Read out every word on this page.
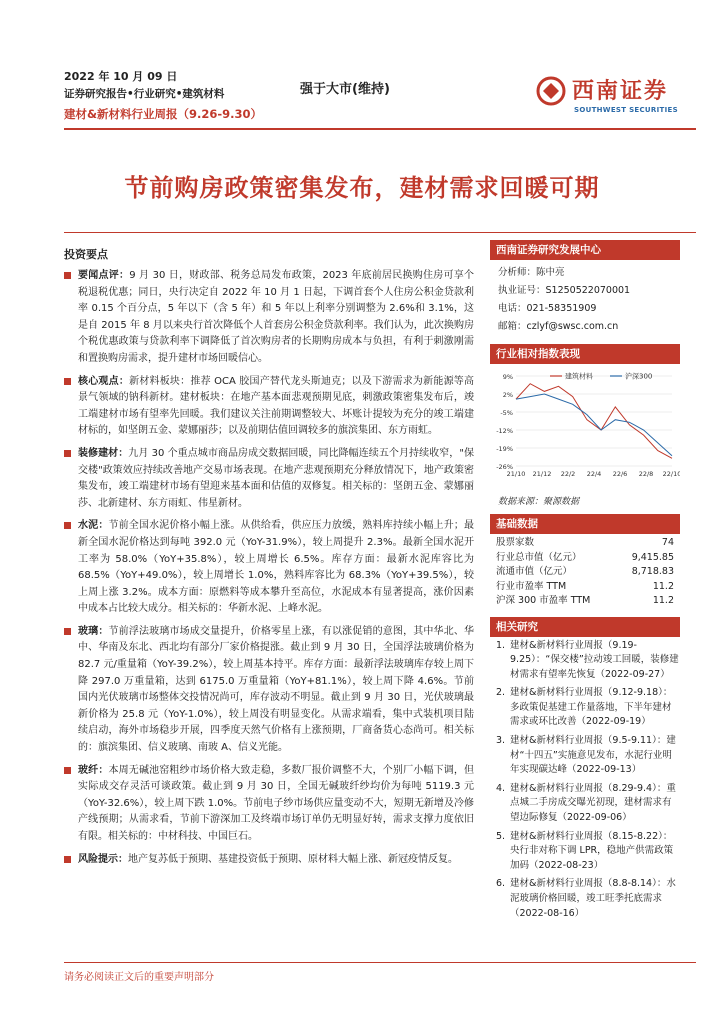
2022 年 10 月 09 日
证券研究报告•行业研究•建筑材料
建材&新材料行业周报（9.26-9.30）
强于大市(维持)	西南证券
SOUTHWEST SECURITIES
节前购房政策密集发布，建材需求回暖可期
投资要点
要闻点评：9 月 30 日，财政部、税务总局发布政策，2023 年底前居民换购住房可享个税退税优惠；同日，央行决定自 2022 年 10 月 1 日起，下调首套个人住房公积金贷款利率 0.15 个百分点，5 年以下（含 5 年）和 5 年以上利率分别调整为 2.6%和 3.1%，这是自 2015 年 8 月以来央行首次降低个人首套房公积金贷款利率。我们认为，此次换购房个税优惠政策与贷款利率下调降低了首次购房者的长期购房成本与负担，有利于刺激刚需和置换购房需求，提升建材市场回暖信心。
核心观点：新材料板块：推荐 OCA 胶国产替代龙头斯迪克；以及下游需求为新能源等高景气领域的钠科新材。建材板块：在地产基本面悲观预期见底，刺激政策密集发布后，竣工端建材市场有望率先回暖。我们建议关注前期调整较大、坏账计提较为充分的竣工端建材标的，如坚朗五金、蒙娜丽莎；以及前期估值回调较多的旗滨集团、东方雨虹。
装修建材：九月 30 个重点城市商品房成交数据回暖，同比降幅连续五个月持续收窄，"保交楼"政策效应持续改善地产交易市场表现。在地产悲观预期充分释放情况下，地产政策密集发布，竣工端建材市场有望迎来基本面和估值的双修复。相关标的：坚朗五金、蒙娜丽莎、北新建材、东方雨虹、伟星新材。
水泥：节前全国水泥价格小幅上涨。从供给看，供应压力放缓，熟料库持续小幅上升；最新全国水泥价格达到每吨 392.0 元（YoY-31.9%），较上周提升 2.3%。最新全国水泥开工率为 58.0%（YoY+35.8%），较上周增长 6.5%。库存方面：最新水泥库容比为 68.5%（YoY+49.0%），较上周增长 1.0%，熟料库容比为 68.3%（YoY+39.5%），较上周上涨 3.2%。成本方面：原燃料等成本攀升至高位，水泥成本有显著提高，涨价因素中成本占比较大成分。相关标的：华新水泥、上峰水泥。
玻璃：节前浮法玻璃市场成交量提升，价格零星上涨，有以涨促销的意图，其中华北、华中、华南及东北、西北均有部分厂家价格提涨。截止到 9 月 30 日，全国浮法玻璃价格为 82.7 元/重量箱（YoY-39.2%），较上周基本持平。库存方面：最新浮法玻璃库存较上周下降 297.0 万重量箱，达到 6175.0 万重量箱（YoY+81.1%），较上周下降 4.6%。节前国内光伏玻璃市场整体交投情况尚可，库存波动不明显。截止到 9 月 30 日，光伏玻璃最新价格为 25.8 元（YoY-1.0%），较上周没有明显变化。从需求端看，集中式装机项目陆续启动，海外市场稳步开展，四季度天然气价格有上涨预期，厂商备货心态尚可。相关标的：旗滨集团、信义玻璃、南玻 A、信义光能。
玻纤：本周无碱池窑粗纱市场价格大致走稳，多数厂报价调整不大，个别厂小幅下调，但实际成交存灵活可谈政策。截止到 9 月 30 日，全国无碱玻纤纱均价为每吨 5119.3 元（YoY-32.6%），较上周下跌 1.0%。节前电子纱市场供应量变动不大，短期无新增及冷修产线预期；从需求看，节前下游深加工及终端市场订单仍无明显好转，需求支撑力度依旧有限。相关标的：中材科技、中国巨石。
风险提示：地产复苏低于预期、基建投资低于预期、原材料大幅上涨、新冠疫情反复。
西南证券研究发展中心
分析师：陈中亮
执业证号：S1250522070001
电话：021-58351909
邮箱：czlyf@swsc.com.cn
行业相对指数表现
9%
2%
-5%
-12%
-19%
-26%
21/10 21/12 22/2 22/4 22/6 22/8 22/10
建筑材料	沪深300
数据来源：聚源数据
基础数据
股票家数	74
行业总市值（亿元）	9,415.85
流通市值（亿元）	8,718.83
行业市盈率 TTM	11.2
沪深 300 市盈率 TTM	11.2
相关研究
1. 建材&新材料行业周报（9.19-9.25）：“保交楼”拉动竣工回暖，装修建材需求有望率先恢复（2022-09-27）
2. 建材&新材料行业周报（9.12-9.18）：多政策促基建工作量落地，下半年建材需求或环比改善（2022-09-19）
3. 建材&新材料行业周报（9.5-9.11）：建材“十四五”实施意见发布，水泥行业明年实现碳达峰（2022-09-13）
4. 建材&新材料行业周报（8.29-9.4）：重点城二手房成交曝光初现，建材需求有望边际修复（2022-09-06）
5. 建材&新材料行业周报（8.15-8.22）：央行非对称下调 LPR，稳地产供需政策加码（2022-08-23）
6. 建材&新材料行业周报（8.8-8.14）：水泥玻璃价格回暖，竣工旺季托底需求（2022-08-16）
请务必阅读正文后的重要声明部分
